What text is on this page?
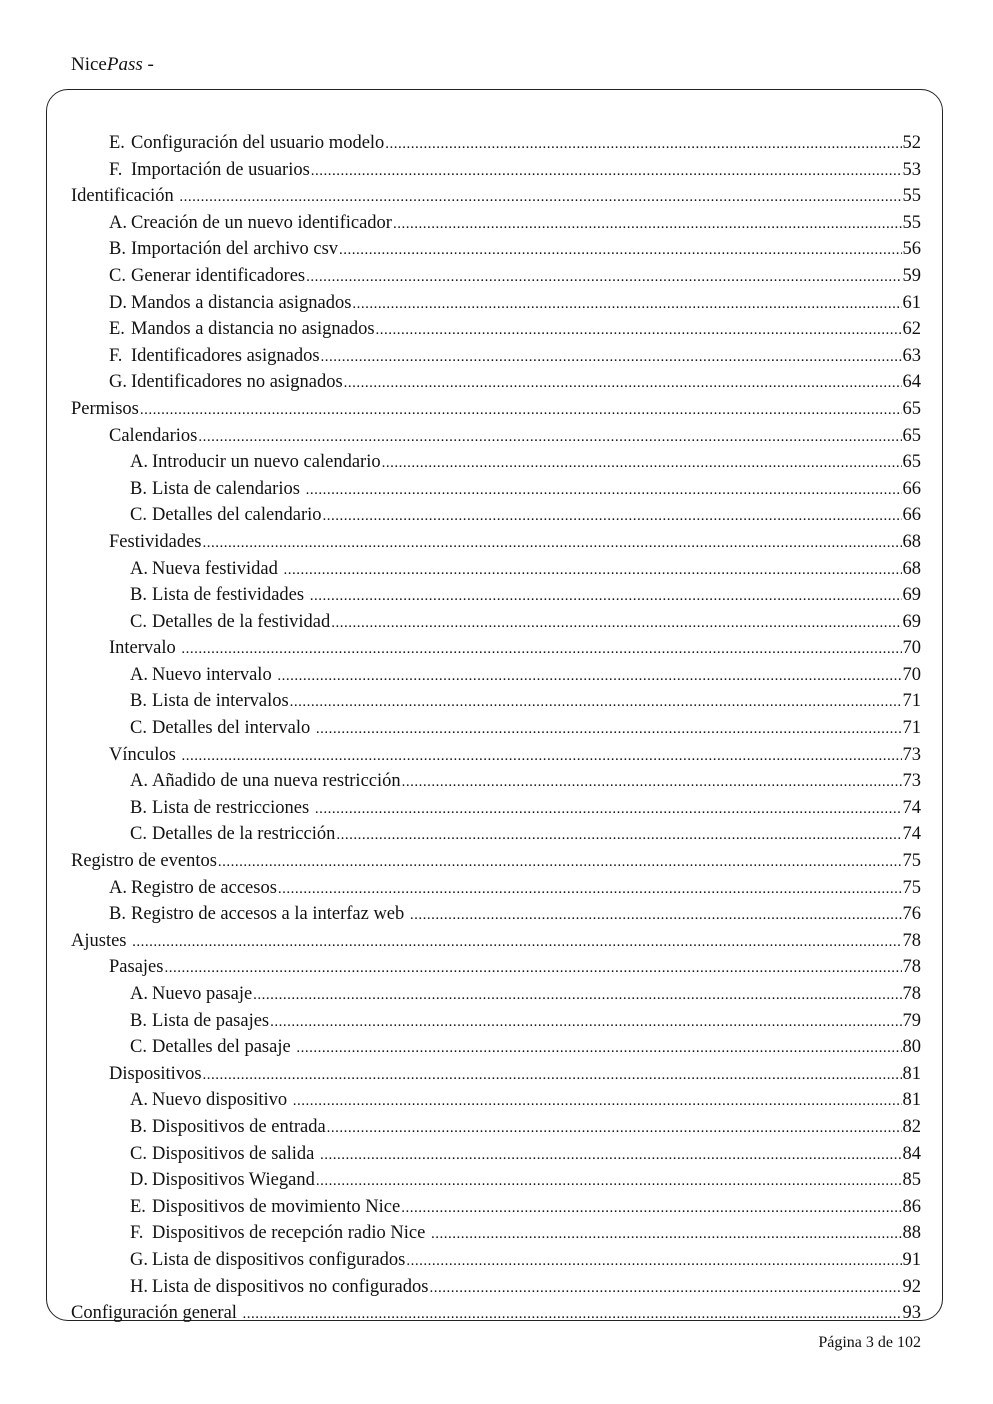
NicePass -
E. Configuración del usuario modelo .....	52
F. Importación de usuarios .....	53
Identificación .....	55
A. Creación de un nuevo identificador .....	55
B. Importación del archivo csv .....	56
C. Generar identificadores .....	59
D. Mandos a distancia asignados .....	61
E. Mandos a distancia no asignados .....	62
F. Identificadores asignados .....	63
G. Identificadores no asignados .....	64
Permisos .....	65
Calendarios .....	65
A. Introducir un nuevo calendario .....	65
B. Lista de calendarios .....	66
C. Detalles del calendario .....	66
Festividades .....	68
A. Nueva festividad .....	68
B. Lista de festividades .....	69
C. Detalles de la festividad .....	69
Intervalo .....	70
A. Nuevo intervalo .....	70
B. Lista de intervalos .....	71
C. Detalles del intervalo .....	71
Vínculos .....	73
A. Añadido de una nueva restricción .....	73
B. Lista de restricciones .....	74
C. Detalles de la restricción .....	74
Registro de eventos .....	75
A. Registro de accesos .....	75
B. Registro de accesos a la interfaz web .....	76
Ajustes .....	78
Pasajes .....	78
A. Nuevo pasaje .....	78
B. Lista de pasajes .....	79
C. Detalles del pasaje .....	80
Dispositivos .....	81
A. Nuevo dispositivo .....	81
B. Dispositivos de entrada .....	82
C. Dispositivos de salida .....	84
D. Dispositivos Wiegand .....	85
E. Dispositivos de movimiento Nice .....	86
F. Dispositivos de recepción radio Nice .....	88
G. Lista de dispositivos configurados .....	91
H. Lista de dispositivos no configurados .....	92
Configuración general .....	93
Página 3 de 102
